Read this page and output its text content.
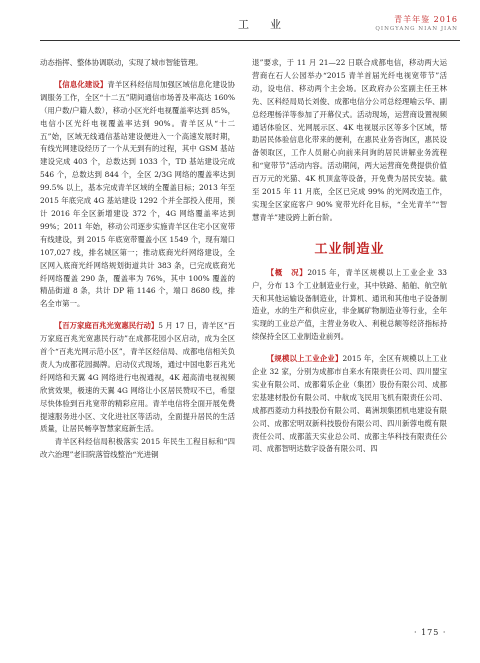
工　业	青羊年鉴 2016
QINGYANG NIAN JIAN

动态指挥、整体协调联动，实现了城市智能管理。

【信息化建设】青羊区科经信局加强区域信息化建设协调服务工作，全区“十二五”期间通信市场普及率高达 160%（用户数/户籍人数），移动小区光纤电视覆盖率达到 85%，电信小区光纤电视覆盖率达到 90%。青羊区从“十二五”始，区域无线通信基站建设便进入一个高速发展时期，有线光网建设经历了一个从无到有的过程，其中 GSM 基站建设完成 403 个，总数达到 1033 个，TD 基站建设完成 546 个，总数达到 844 个，全区 2/3G 网络的覆盖率达到 99.5% 以上，基本完成青羊区域的全覆盖目标；2013 年至 2015 年底完成 4G 基站建设 1292 个并全部投入使用，预计 2016 年全区新增建设 372 个，4G 网络覆盖率达到 99%；2011 年始，移动公司逐步实施青羊区住宅小区宽带有线建设，到 2015 年底宽带覆盖小区 1549 个，现有端口 107,027 线，排名城区第一；推动底商光纤网络建设，全区网入底商光纤网络规划街道共计 383 条，已完成底商光纤网络覆盖 290 条，覆盖率为 76%，其中 100% 覆盖的精品街道 8 条，共计 DP 箱 1146 个，端口 8680 线，排名全市第一。

【百万家庭百兆光宽惠民行动】5 月 17 日，青羊区“百万家庭百兆光宽惠民行动”在成都花园小区启动，成为全区首个“百兆光网示范小区”，青羊区经信局、成都电信相关负责人为成都花园揭牌。启动仪式现场，通过中国电影百兆光纤网络和天翼 4G 网络进行电视通视，4K 超高清电视视频欣赏效果，极速的天翼 4G 网络让小区居民赞叹不已，希望尽快体验到百兆宽带的精彩应用。青羊电信将全面开展免费提速服务进小区、文化进社区等活动，全面提升居民的生活质量，让居民畅享智慧家庭新生活。

青羊区科经信局积极落实 2015 年民生工程目标和“四改六治理”老旧院落管线整治“光进铜

退”要求，于 11 月 21—22 日联合成都电信，移动两大运营商在石人公园举办“2015 青羊首届光纤电视宽带节”活动，设电信、移动两个主会场。区政府办公室副主任王林先、区科经局局长刘俊、成都电信分公司总经理喻云华、副总经理杨洋等参加了开幕仪式。活动现场，运营商设置视频通话体验区、光网展示区、4K 电视展示区等多个区域，帮助居民体验信息化带来的便利，在惠民业务咨询区，惠民设备领取区，工作人员耐心向前来问询的居民讲解业务流程和“宽带节”活动内容。活动期间，两大运营商免费提供价值百万元的光猫、4K 机顶盒等设备，开免费为居民安装。截至 2015 年 11 月底，全区已完成 99% 的光网改造工作，实现全区家庭客户 90% 宽带光纤化目标，“全光青羊”“智慧青羊”建设跨上新台阶。

工业制造业

【概　况】2015 年，青羊区规模以上工业企业 33 户，分布 13 个工业制造业行业，其中铁路、船舶、航空航天和其他运输设备制造业，计算机、通讯和其他电子设备制造业，水的生产和供应业，非金属矿物制造业等行业，全年实现的工业总产值，主营业务收入、利税总额等经济指标持续保持全区工业制造业前列。

【规模以上工业企业】2015 年，全区有规模以上工业企业 32 家，分别为成都市自来水有限责任公司、四川盟宝实业有限公司、成都菊乐企业（集团）股份有限公司、成都宏基建材股份有限公司、中航成飞民用飞机有限责任公司、成都西菱动力科技股份有限公司、葛洲坝集团机电建设有限公司、成都宏明双新科技股份有限公司、四川新蓉电缆有限责任公司、成都蓝天实业总公司、成都主华科技有限责任公司、成都智明达数字设备有限公司、四

· 175 ·
